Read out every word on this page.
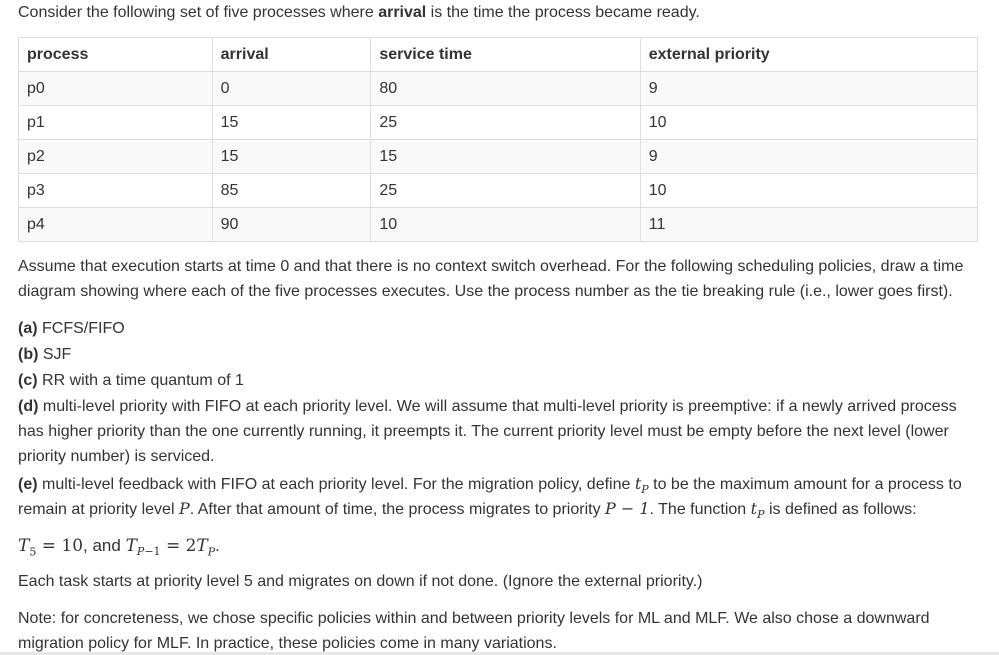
Consider the following set of five processes where arrival is the time the process became ready.
process	arrival	service time	external priority
p0	0	80	9
p1	15	25	10
p2	15	15	9
p3	85	25	10
p4	90	10	11
Assume that execution starts at time 0 and that there is no context switch overhead. For the following scheduling policies, draw a time
diagram showing where each of the five processes executes. Use the process number as the tie breaking rule (i.e., lower goes first).
(a) FCFS/FIFO
(b) SJF
(c) RR with a time quantum of 1
(d) multi-level priority with FIFO at each priority level. We will assume that multi-level priority is preemptive: if a newly arrived process
has higher priority than the one currently running, it preempts it. The current priority level must be empty before the next level (lower
priority number) is serviced.
(e) multi-level feedback with FIFO at each priority level. For the migration policy, define $t_P$ to be the maximum amount for a process to
remain at priority level P. After that amount of time, the process migrates to priority P − 1. The function $t_P$ is defined as follows:
$T_5 = 10$, and $T_{P-1} = 2T_P$.
Each task starts at priority level 5 and migrates on down if not done. (Ignore the external priority.)
Note: for concreteness, we chose specific policies within and between priority levels for ML and MLF. We also chose a downward
migration policy for MLF. In practice, these policies come in many variations.
